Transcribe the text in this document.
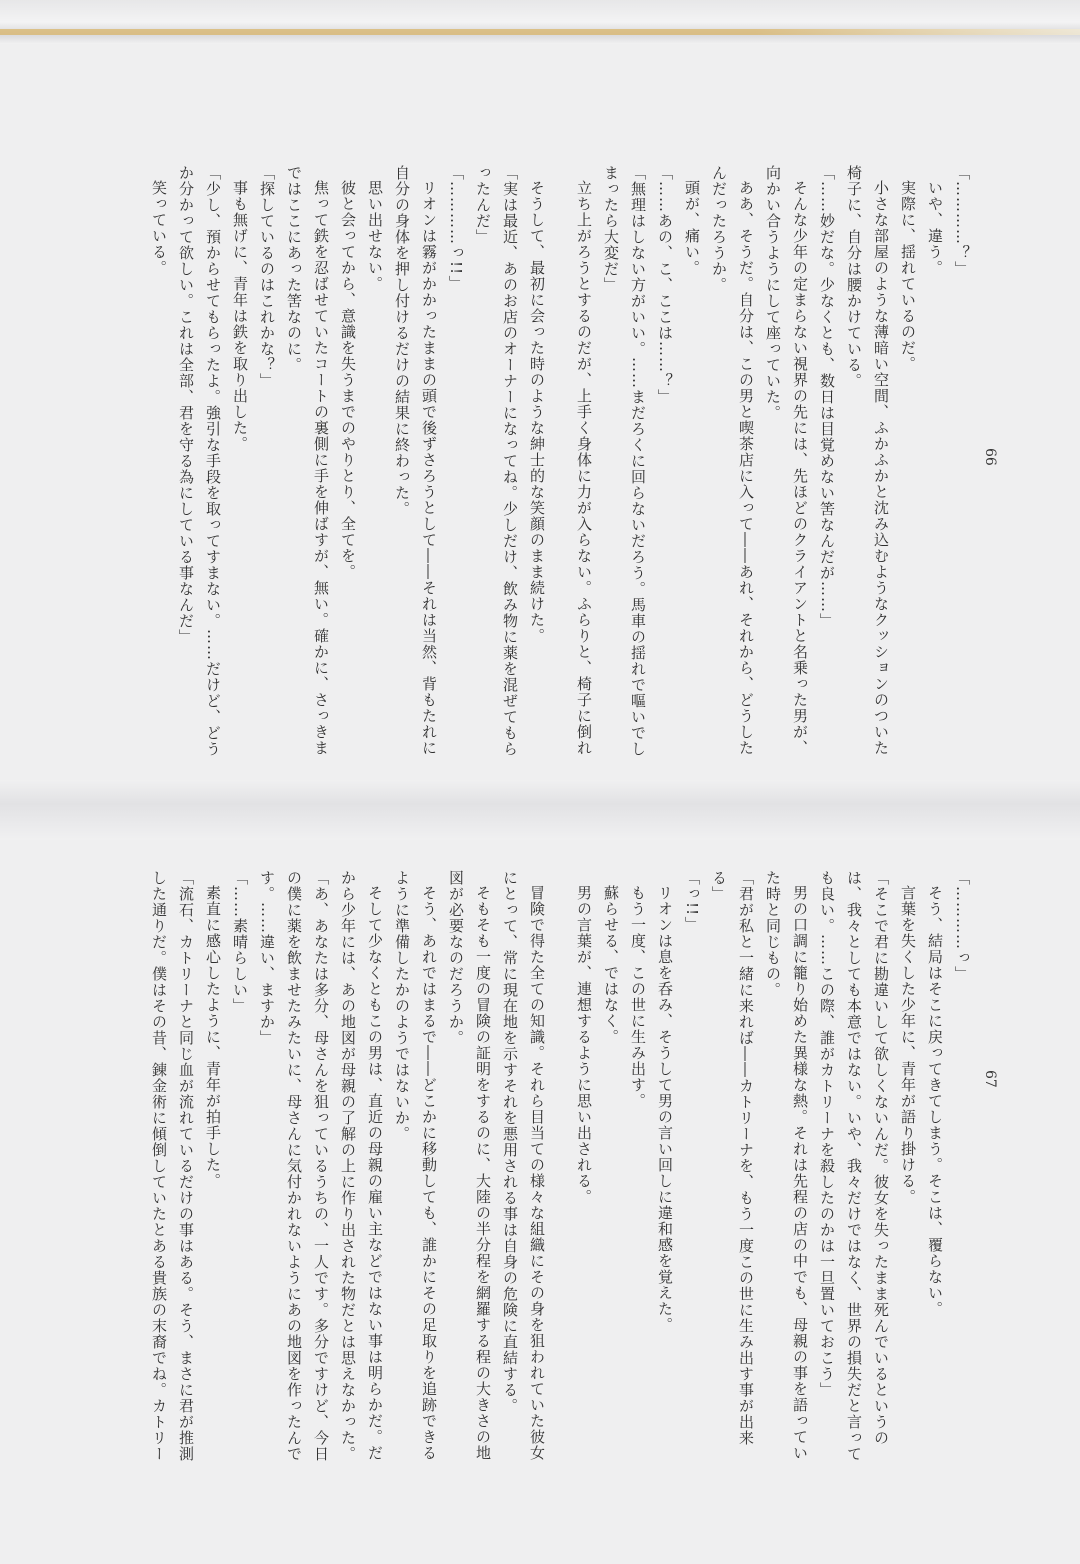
そうして、最初に会った時のような紳士的な笑顔のまま続けた。

「実は最近、あのお店のオーナーになってね。少しだけ、飲み物に薬を混ぜてもらったんだ」

「…………っ!!」

リオンは霧がかかったままの頭で後ずさろうとして――それは当然、背もたれに自分の身体を押し付けるだけの結果に終わった。

思い出せない。

彼と会ってから、意識を失うまでのやりとり、全てを。

焦って鉄を忍ばせていたコートの裏側に手を伸ばすが、無い。確かに、さっきまではここにあった筈なのに。

「探しているのはこれかな？」

事も無げに、青年は鉄を取り出した。

「少し、預からせてもらったよ。強引な手段を取ってすまない。……だけど、どうか分かって欲しい。これは全部、君を守る為にしている事なんだ」

笑っている。	「…………？」

いや、違う。

実際に、揺れているのだ。

小さな部屋のような薄暗い空間、ふかふかと沈み込むようなクッションのついた椅子に、自分は腰かけている。

「……妙だな。少なくとも、数日は目覚めない筈なんだが……」

そんな少年の定まらない視界の先には、先ほどのクライアントと名乗った男が、向かい合うようにして座っていた。

ああ、そうだ。自分は、この男と喫茶店に入って――あれ、それから、どうしたんだったろうか。

頭が、痛い。

「……あの、こ、ここは……？」

「無理はしない方がいい。……まだろくに回らないだろう。馬車の揺れで嘔いでしまったら大変だ」

立ち上がろうとするのだが、上手く身体に力が入らない。ふらりと、椅子に倒れ

66

冒険で得た全ての知識。それら目当ての様々な組織にその身を狙われていた彼女にとって、常に現在地を示すそれを悪用される事は自身の危険に直結する。

そもそも一度の冒険の証明をするのに、大陸の半分程を網羅する程の大きさの地図が必要なのだろうか。

そう、あれではまるで――どこかに移動しても、誰かにその足取りを追跡できるように準備したかのようではないか。

そして少なくともこの男は、直近の母親の雇い主などではない事は明らかだ。だから少年には、あの地図が母親の了解の上に作り出された物だとは思えなかった。

「あ、あなたは多分、母さんを狙っているうちの、一人です。多分ですけど、今日の僕に薬を飲ませたみたいに、母さんに気付かれないようにあの地図を作ったんです。……違い、ますか」

「……素晴らしい」

素直に感心したように、青年が拍手した。

「流石、カトリーナと同じ血が流れているだけの事はある。そう、まさに君が推測した通りだ。僕はその昔、錬金術に傾倒していたとある貴族の末裔でね。カトリー

「…………っ」

そう、結局はそこに戻ってきてしまう。そこは、覆らない。

言葉を失くした少年に、青年が語り掛ける。

「そこで君に勘違いして欲しくないんだ。彼女を失ったまま死んでいるというのは、我々としても本意ではない。いや、我々だけではなく、世界の損失だと言っても良い。……この際、誰がカトリーナを殺したのかは一旦置いておこう」

男の口調に籠り始めた異様な熱。それは先程の店の中でも、母親の事を語っていた時と同じもの。

「君が私と一緒に来れば――カトリーナを、もう一度この世に生み出す事が出来る」

「っ!!」

リオンは息を呑み、そうして男の言い回しに違和感を覚えた。

もう一度、この世に生み出す。

蘇らせる、ではなく。

男の言葉が、連想するように思い出される。	67
